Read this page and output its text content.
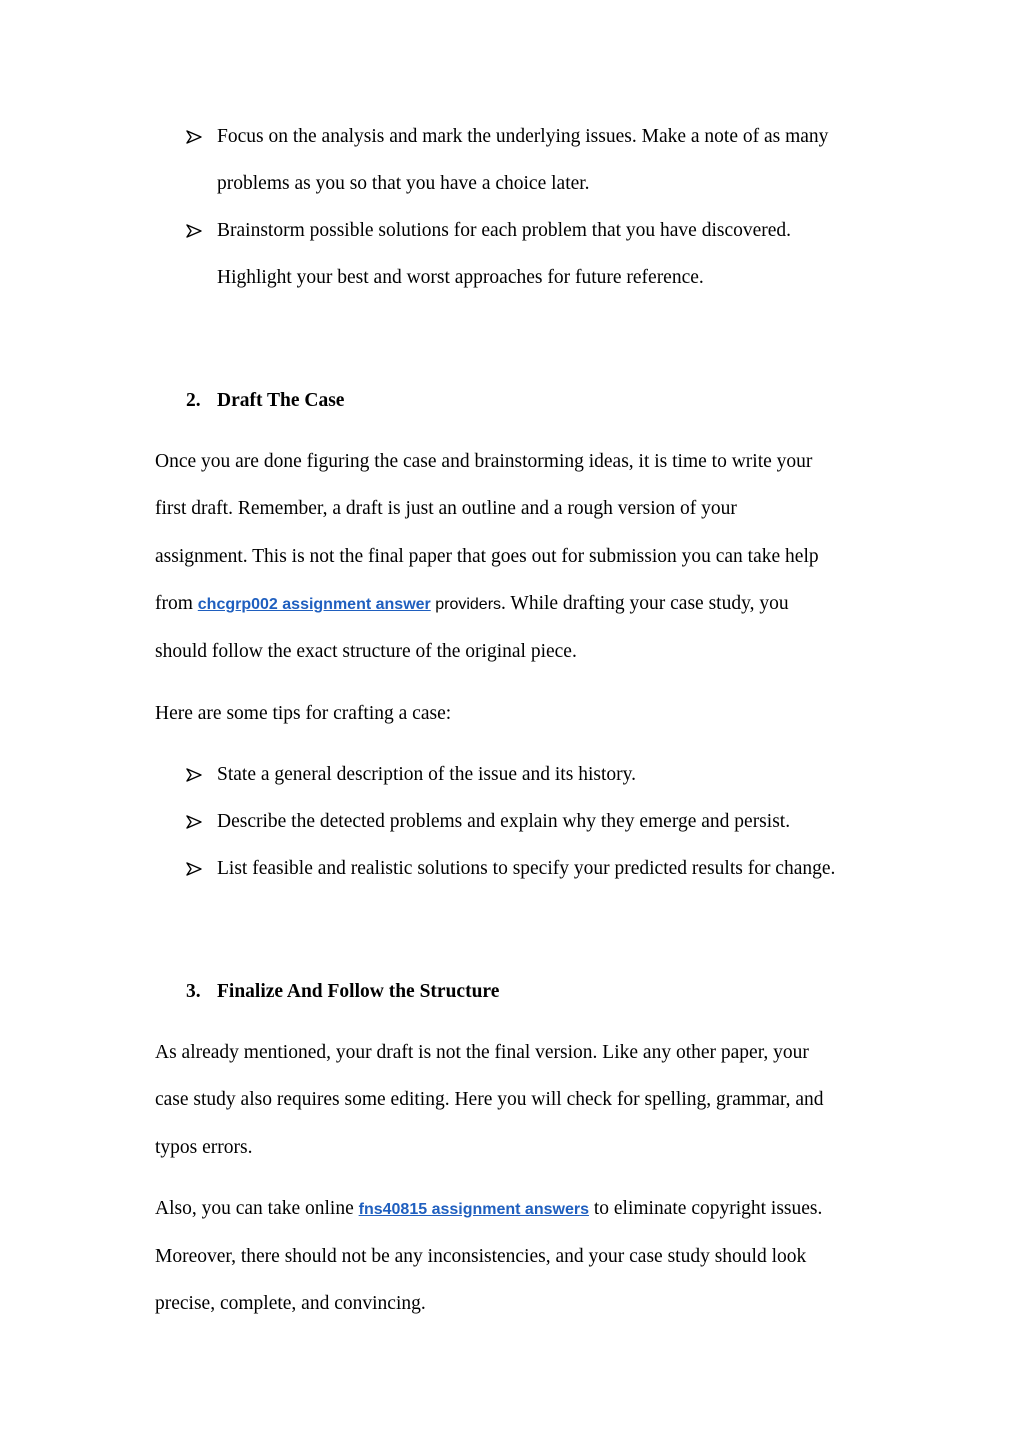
Focus on the analysis and mark the underlying issues. Make a note of as many

problems as you so that you have a choice later.

Brainstorm possible solutions for each problem that you have discovered.

Highlight your best and worst approaches for future reference.

2. Draft The Case

Once you are done figuring the case and brainstorming ideas, it is time to write your

first draft. Remember, a draft is just an outline and a rough version of your

assignment. This is not the final paper that goes out for submission you can take help

from chcgrp002 assignment answer providers. While drafting your case study, you

should follow the exact structure of the original piece.

Here are some tips for crafting a case:

State a general description of the issue and its history.

Describe the detected problems and explain why they emerge and persist.

List feasible and realistic solutions to specify your predicted results for change.

3. Finalize And Follow the Structure

As already mentioned, your draft is not the final version. Like any other paper, your

case study also requires some editing. Here you will check for spelling, grammar, and

typos errors.

Also, you can take online fns40815 assignment answers to eliminate copyright issues.

Moreover, there should not be any inconsistencies, and your case study should look

precise, complete, and convincing.
